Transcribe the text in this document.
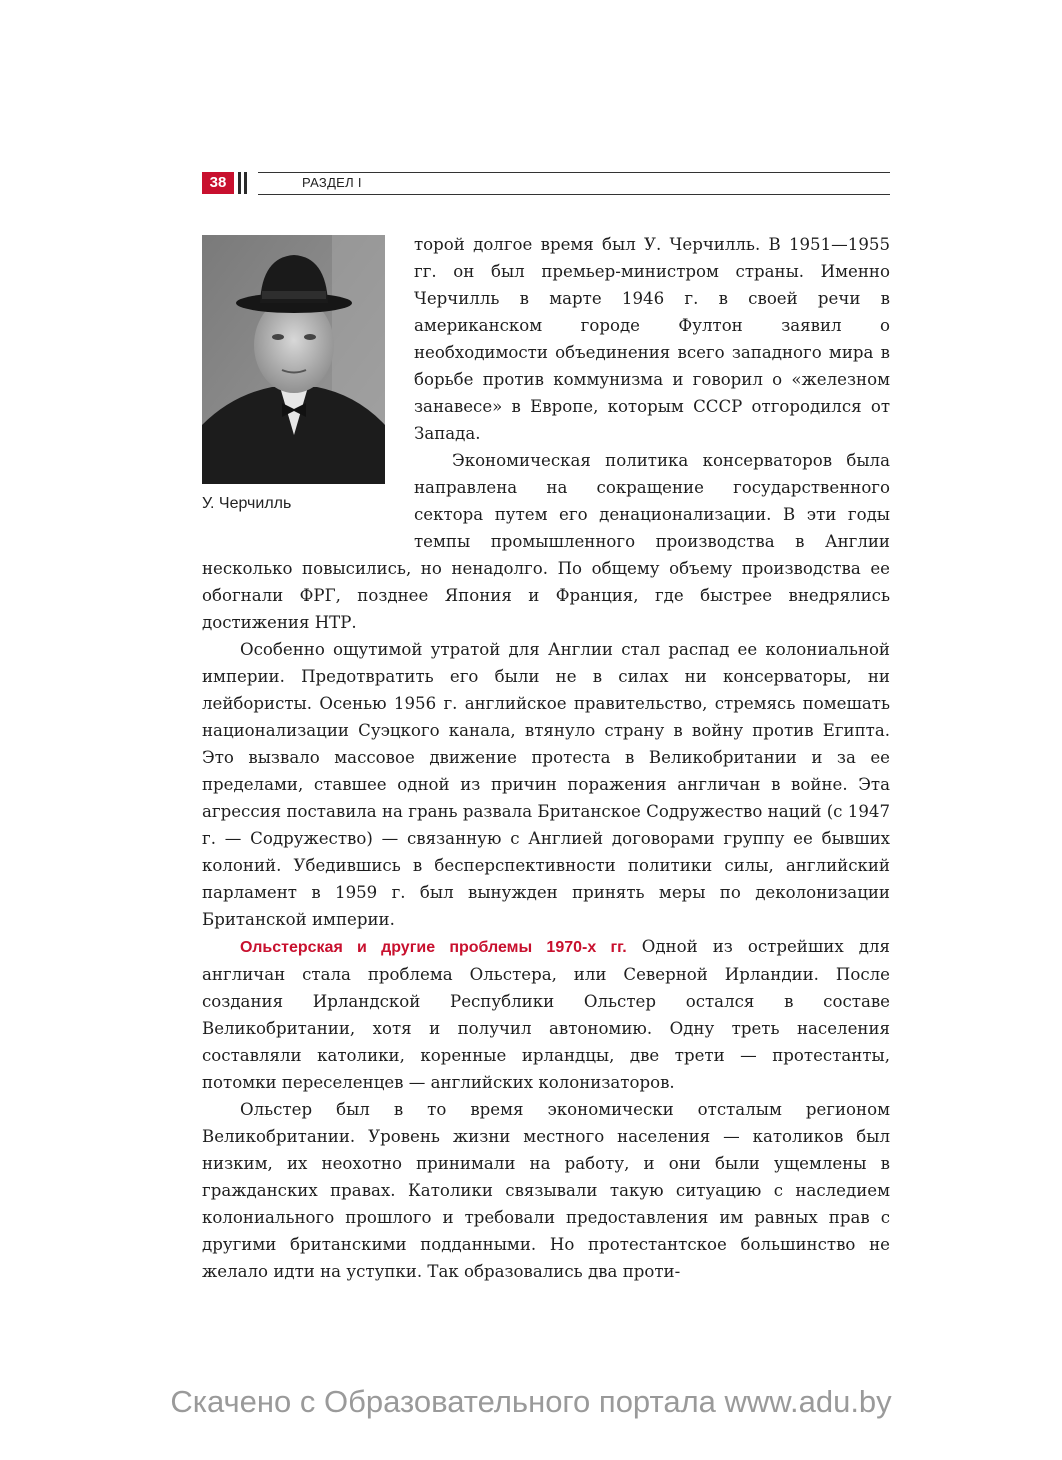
38	РАЗДЕЛ I
У. Черчилль

торой долгое время был У. Черчилль. В 1951—1955 гг. он был премьер-министром страны. Именно Черчилль в марте 1946 г. в своей речи в американском городе Фултон заявил о необходимости объединения всего западного мира в борьбе против коммунизма и говорил о «железном занавесе» в Европе, которым СССР отгородился от Запада.

Экономическая политика консерваторов была направлена на сокращение государственного сектора путем его денационализации. В эти годы темпы промышленного производства в Англии несколько повысились, но ненадолго. По общему объему производства ее обогнали ФРГ, позднее Япония и Франция, где быстрее внедрялись достижения НТР.

Особенно ощутимой утратой для Англии стал распад ее колониальной империи. Предотвратить его были не в силах ни консерваторы, ни лейбористы. Осенью 1956 г. английское правительство, стремясь помешать национализации Суэцкого канала, втянуло страну в войну против Египта. Это вызвало массовое движение протеста в Великобритании и за ее пределами, ставшее одной из причин поражения англичан в войне. Эта агрессия поставила на грань развала Британское Содружество наций (с 1947 г. — Содружество) — связанную с Англией договорами группу ее бывших колоний. Убедившись в бесперспективности политики силы, английский парламент в 1959 г. был вынужден принять меры по деколонизации Британской империи.

Ольстерская и другие проблемы 1970-х гг. Одной из острейших для англичан стала проблема Ольстера, или Северной Ирландии. После создания Ирландской Республики Ольстер остался в составе Великобритании, хотя и получил автономию. Одну треть населения составляли католики, коренные ирландцы, две трети — протестанты, потомки переселенцев — английских колонизаторов.

Ольстер был в то время экономически отсталым регионом Великобритании. Уровень жизни местного населения — католиков был низким, их неохотно принимали на работу, и они были ущемлены в гражданских правах. Католики связывали такую ситуацию с наследием колониального прошлого и требовали предоставления им равных прав с другими британскими подданными. Но протестантское большинство не желало идти на уступки. Так образовались два проти-

Скачено с Образовательного портала www.adu.by
